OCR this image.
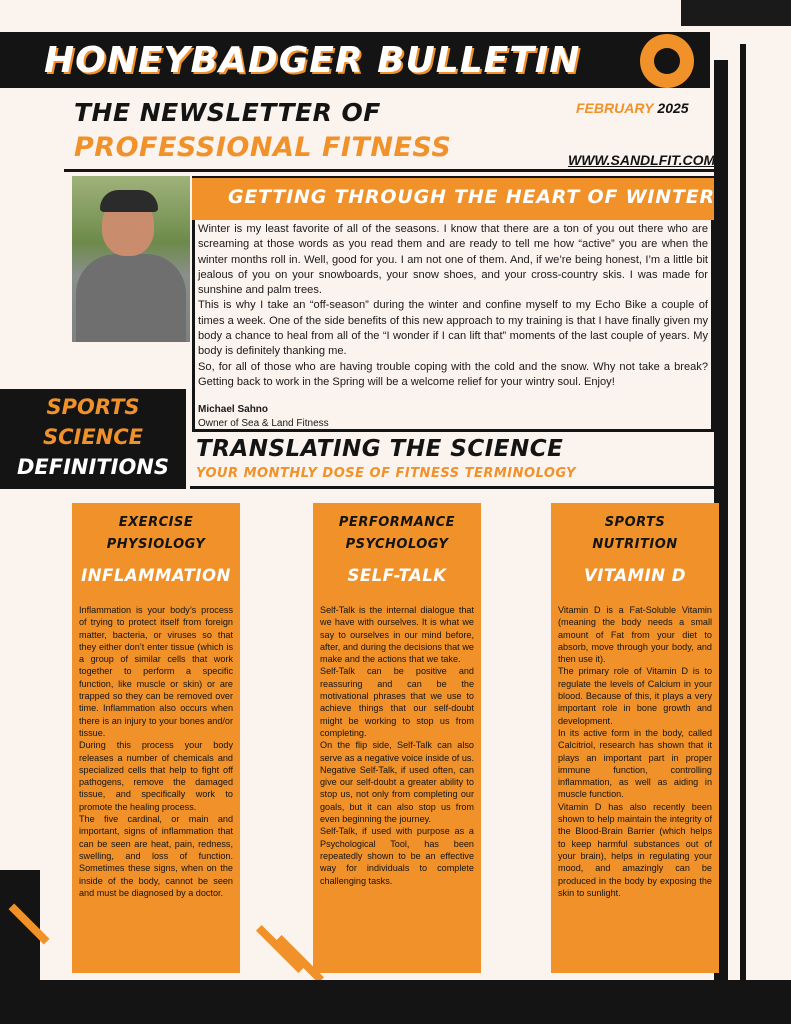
HONEYBADGER BULLETIN
THE NEWSLETTER OF
PROFESSIONAL FITNESS
FEBRUARY 2025
WWW.SANDLFIT.COM
GETTING THROUGH THE HEART OF WINTER

Winter is my least favorite of all of the seasons. I know that there are a ton of you out there who are screaming at those words as you read them and are ready to tell me how “active” you are when the winter months roll in. Well, good for you. I am not one of them. And, if we’re being honest, I’m a little bit jealous of you on your snowboards, your snow shoes, and your cross-country skis. I was made for sunshine and palm trees.

This is why I take an “off-season” during the winter and confine myself to my Echo Bike a couple of times a week. One of the side benefits of this new approach to my training is that I have finally given my body a chance to heal from all of the “I wonder if I can lift that” moments of the last couple of years. My body is definitely thanking me.

So, for all of those who are having trouble coping with the cold and the snow. Why not take a break? Getting back to work in the Spring will be a welcome relief for your wintry soul. Enjoy!

Michael Sahno
Owner of Sea & Land Fitness
SPORTS
SCIENCE
DEFINITIONS
TRANSLATING THE SCIENCE
YOUR MONTHLY DOSE OF FITNESS TERMINOLOGY
EXERCISE
PHYSIOLOGY
PERFORMANCE
PSYCHOLOGY
SPORTS
NUTRITION
INFLAMMATION	SELF-TALK	VITAMIN D

Inflammation is your body’s process of trying to protect itself from foreign matter, bacteria, or viruses so that they either don’t enter tissue (which is a group of similar cells that work together to perform a specific function, like muscle or skin) or are trapped so they can be removed over time. Inflammation also occurs when there is an injury to your bones and/or tissue.

During this process your body releases a number of chemicals and specialized cells that help to fight off pathogens, remove the damaged tissue, and specifically work to promote the healing process.

The five cardinal, or main and important, signs of inflammation that can be seen are heat, pain, redness, swelling, and loss of function. Sometimes these signs, when on the inside of the body, cannot be seen and must be diagnosed by a doctor.

Self-Talk is the internal dialogue that we have with ourselves. It is what we say to ourselves in our mind before, after, and during the decisions that we make and the actions that we take.

Self-Talk can be positive and reassuring and can be the motivational phrases that we use to achieve things that our self-doubt might be working to stop us from completing.

On the flip side, Self-Talk can also serve as a negative voice inside of us. Negative Self-Talk, if used often, can give our self-doubt a greater ability to stop us, not only from completing our goals, but it can also stop us from even beginning the journey.

Self-Talk, if used with purpose as a Psychological Tool, has been repeatedly shown to be an effective way for individuals to complete challenging tasks.

Vitamin D is a Fat-Soluble Vitamin (meaning the body needs a small amount of Fat from your diet to absorb, move through your body, and then use it).

The primary role of Vitamin D is to regulate the levels of Calcium in your blood. Because of this, it plays a very important role in bone growth and development.

In its active form in the body, called Calcitriol, research has shown that it plays an important part in proper immune function, controlling inflammation, as well as aiding in muscle function.

Vitamin D has also recently been shown to help maintain the integrity of the Blood-Brain Barrier (which helps to keep harmful substances out of your brain), helps in regulating your mood, and amazingly can be produced in the body by exposing the skin to sunlight.
